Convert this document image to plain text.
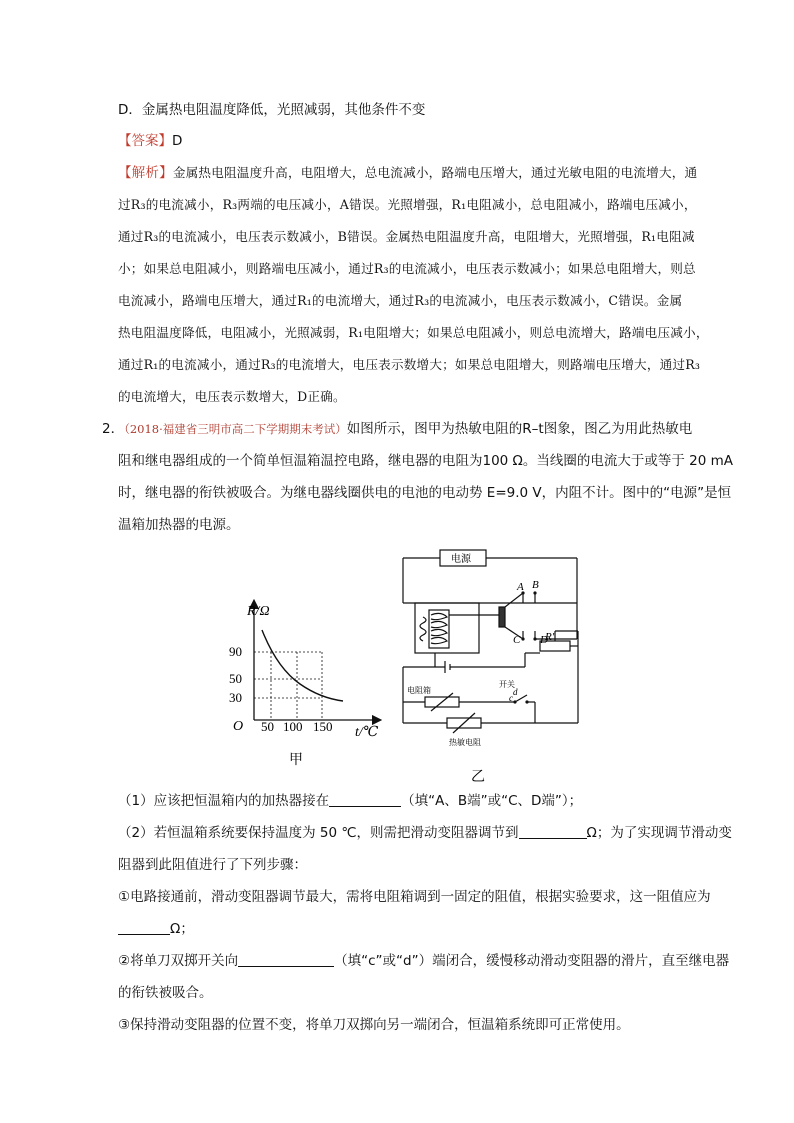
D．金属热电阻温度降低，光照减弱，其他条件不变
【答案】D
【解析】金属热电阻温度升高，电阻增大，总电流减小，路端电压增大，通过光敏电阻的电流增大，通
过R₃的电流减小，R₃两端的电压减小，A错误。光照增强，R₁电阻减小，总电阻减小，路端电压减小，
通过R₃的电流减小，电压表示数减小，B错误。金属热电阻温度升高，电阻增大，光照增强，R₁电阻减
小；如果总电阻减小，则路端电压减小，通过R₃的电流减小，电压表示数减小；如果总电阻增大，则总
电流减小，路端电压增大，通过R₁的电流增大，通过R₃的电流减小，电压表示数减小，C错误。金属
热电阻温度降低，电阻减小，光照减弱，R₁电阻增大；如果总电阻减小，则总电流增大，路端电压减小，
通过R₁的电流减小，通过R₃的电流增大，电压表示数增大；如果总电阻增大，则路端电压增大，通过R₃
的电流增大，电压表示数增大，D正确。
2．（2018·福建省三明市高二下学期期末考试）如图所示，图甲为热敏电阻的R–t图象，图乙为用此热敏电
阻和继电器组成的一个简单恒温箱温控电路，继电器的电阻为100 Ω。当线圈的电流大于或等于 20 mA
时，继电器的衔铁被吸合。为继电器线圈供电的电池的电动势 E=9.0 V，内阻不计。图中的“电源”是恒
温箱加热器的电源。
R/Ω
t/℃
O
90
50
30
50 100 150
甲
电源
A B
C D
R′
电阻箱
开关
c
d
热敏电阻
乙
（1）应该把恒温箱内的加热器接在	（填“A、B端”或“C、D端”）；
（2）若恒温箱系统要保持温度为 50 ℃，则需把滑动变阻器调节到	Ω；为了实现调节滑动变
阻器到此阻值进行了下列步骤：
①电路接通前，滑动变阻器调节最大，需将电阻箱调到一固定的阻值，根据实验要求，这一阻值应为
Ω；
②将单刀双掷开关向	（填“c”或“d”）端闭合，缓慢移动滑动变阻器的滑片，直至继电器
的衔铁被吸合。
③保持滑动变阻器的位置不变，将单刀双掷向另一端闭合，恒温箱系统即可正常使用。
